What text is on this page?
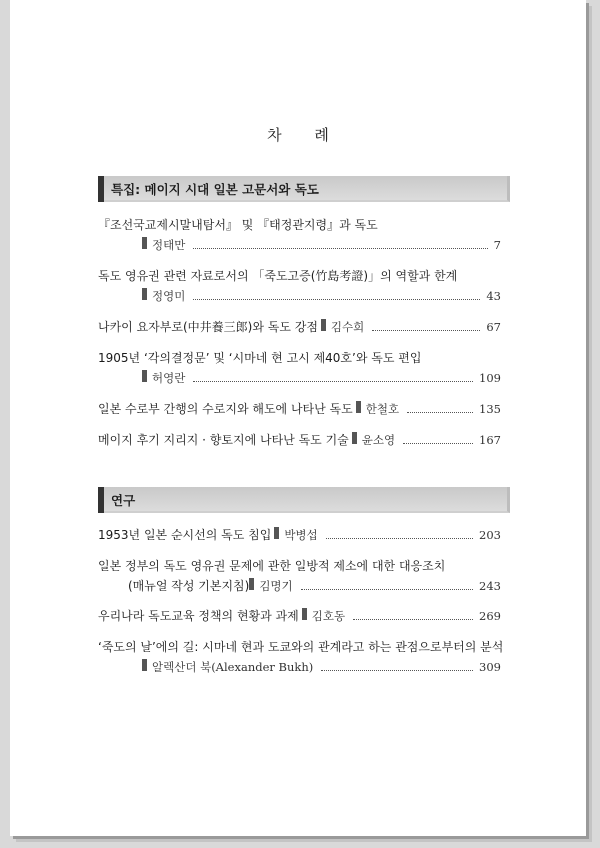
차 례
특집: 메이지 시대 일본 고문서와 독도
『조선국교제시말내탐서』 및 『태정관지령』과 독도
정태만	7
독도 영유권 관련 자료로서의 「죽도고증(竹島考證)」의 역할과 한계
정영미	43
나카이 요자부로(中井養三郎)와 독도 강점 김수희	67
1905년 ‘각의결정문’ 및 ‘시마네 현 고시 제40호’와 독도 편입
허영란	109
일본 수로부 간행의 수로지와 해도에 나타난 독도 한철호	135
메이지 후기 지리지 · 향토지에 나타난 독도 기술 윤소영	167
연구
1953년 일본 순시선의 독도 침입 박병섭	203
일본 정부의 독도 영유권 문제에 관한 일방적 제소에 대한 대응조치
(매뉴얼 작성 기본지침) 김명기	243
우리나라 독도교육 정책의 현황과 과제 김호동	269
‘죽도의 날’에의 길: 시마네 현과 도쿄와의 관계라고 하는 관점으로부터의 분석
알렉산더 북(Alexander Bukh)	309
